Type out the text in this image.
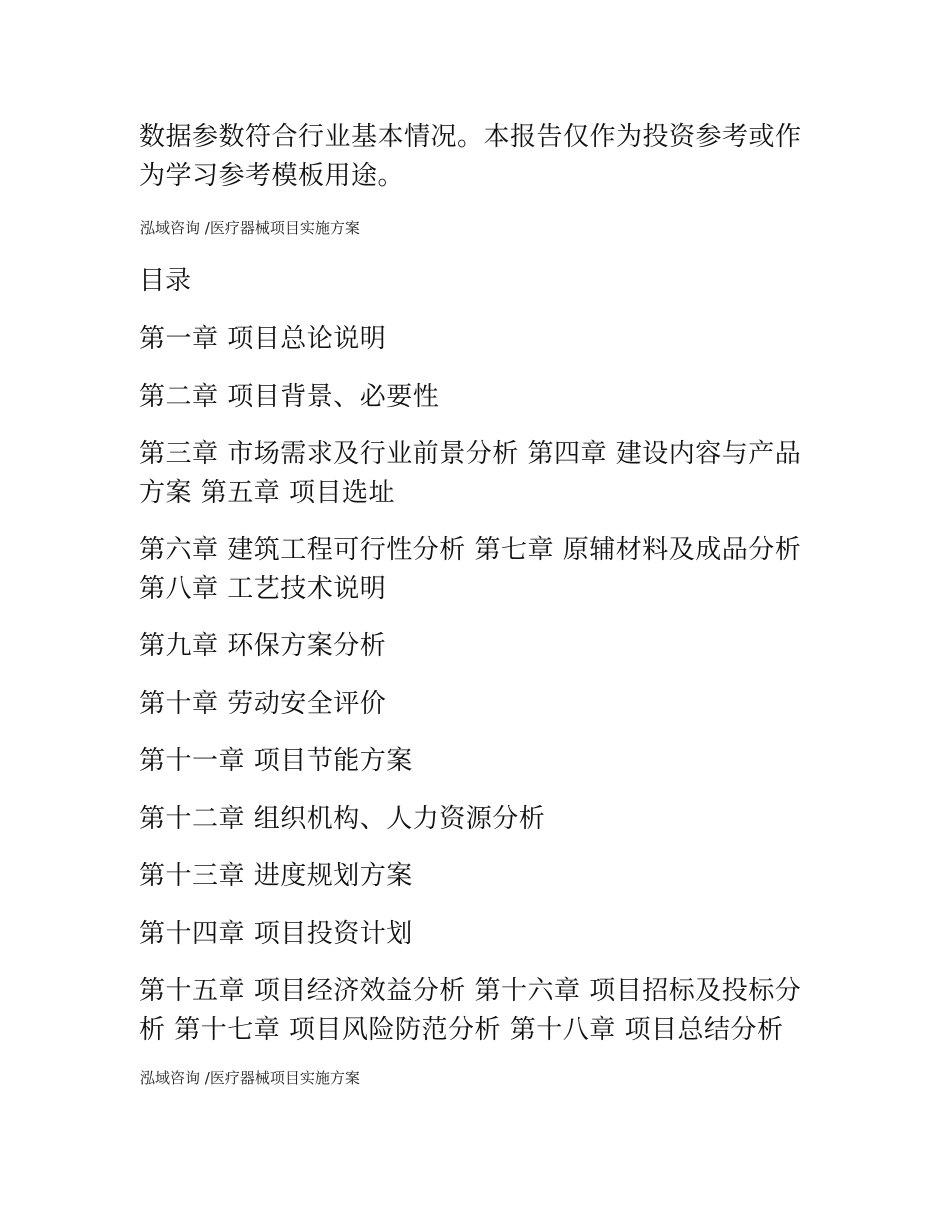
数据参数符合行业基本情况。本报告仅作为投资参考或作为学习参考模板用途。

泓域咨询 /医疗器械项目实施方案

目录

第一章 项目总论说明

第二章 项目背景、必要性

第三章 市场需求及行业前景分析 第四章 建设内容与产品方案 第五章 项目选址

第六章 建筑工程可行性分析 第七章 原辅材料及成品分析 第八章 工艺技术说明

第九章 环保方案分析

第十章 劳动安全评价

第十一章 项目节能方案

第十二章 组织机构、人力资源分析

第十三章 进度规划方案

第十四章 项目投资计划

第十五章 项目经济效益分析 第十六章 项目招标及投标分析 第十七章 项目风险防范分析 第十八章 项目总结分析

泓域咨询 /医疗器械项目实施方案
